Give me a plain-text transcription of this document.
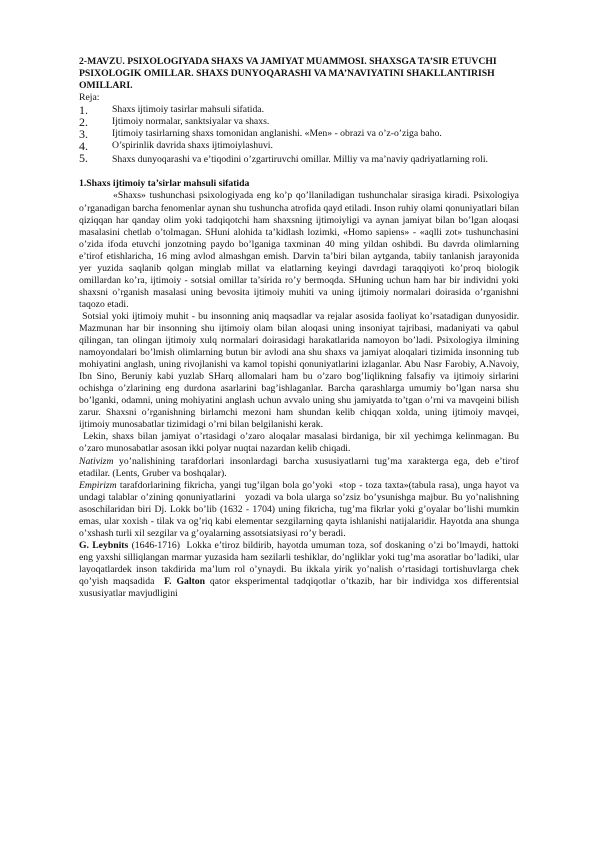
2-MAVZU. PSIXOLOGIYADA SHAXS VA JAMIYAT MUAMMOSI. SHAXSGA TA’SIR ETUVCHI PSIXOLOGIK OMILLAR. SHAXS DUNYOQARASHI VA MA’NAVIYATINI SHAKLLANTIRISH OMILLARI.

Reja:

1.	Shaxs ijtimoiy tasirlar mahsuli sifatida.
2.	Ijtimoiy normalar, sanktsiyalar va shaxs.
3.	Ijtimoiy tasirlarning shaxs tomonidan anglanishi. «Men» - obrazi va o’z-o’ziga baho.
4.	O’spirinlik davrida shaxs ijtimoiylashuvi.

5. Shaxs dunyoqarashi va e’tiqodini o’zgartiruvchi omillar. Milliy va ma’naviy qadriyatlarning roli.

1.Shaxs ijtimoiy ta’sirlar mahsuli sifatida

«Shaxs» tushunchasi psixologiyada eng ko’p qo’llaniladigan tushunchalar sirasiga kiradi. Psixologiya o’rganadigan barcha fenomenlar aynan shu tushuncha atrofida qayd etiladi. Inson ruhiy olami qonuniyatlari bilan qiziqqan har qanday olim yoki tadqiqotchi ham shaxsning ijtimoiyligi va aynan jamiyat bilan bo’lgan aloqasi masalasini chetlab o’tolmagan. SHuni alohida ta’kidlash lozimki, «Homo sapiens» - «aqlli zot» tushunchasini o’zida ifoda etuvchi jonzotning paydo bo’lganiga taxminan 40 ming yildan oshibdi. Bu davrda olimlarning e’tirof etishlaricha, 16 ming avlod almashgan emish. Darvin ta’biri bilan aytganda, tabiiy tanlanish jarayonida yer yuzida saqlanib qolgan minglab millat va elatlarning keyingi davrdagi taraqqiyoti ko’proq biologik omillardan ko’ra, ijtimoiy - sotsial omillar ta’sirida ro’y bermoqda. SHuning uchun ham har bir individni yoki shaxsni o’rganish masalasi uning bevosita ijtimoiy muhiti va uning ijtimoiy normalari doirasida o’rganishni taqozo etadi.

Sotsial yoki ijtimoiy muhit - bu insonning aniq maqsadlar va rejalar asosida faoliyat ko’rsatadigan dunyosidir. Mazmunan har bir insonning shu ijtimoiy olam bilan aloqasi uning insoniyat tajribasi, madaniyati va qabul qilingan, tan olingan ijtimoiy xulq normalari doirasidagi harakatlarida namoyon bo’ladi. Psixologiya ilmining namoyondalari bo’lmish olimlarning butun bir avlodi ana shu shaxs va jamiyat aloqalari tizimida insonning tub mohiyatini anglash, uning rivojlanishi va kamol topishi qonuniyatlarini izlaganlar. Abu Nasr Farobiy, A.Navoiy, Ibn Sino, Beruniy kabi yuzlab SHarq allomalari ham bu o’zaro bog’liqlikning falsafiy va ijtimoiy sirlarini ochishga o’zlarining eng durdona asarlarini bag’ishlaganlar. Barcha qarashlarga umumiy bo’lgan narsa shu bo’lganki, odamni, uning mohiyatini anglash uchun avvalo uning shu jamiyatda to’tgan o’rni va mavqeini bilish zarur. Shaxsni o’rganishning birlamchi mezoni ham shundan kelib chiqqan xolda, uning ijtimoiy mavqei, ijtimoiy munosabatlar tizimidagi o’rni bilan belgilanishi kerak.

Lekin, shaxs bilan jamiyat o’rtasidagi o’zaro aloqalar masalasi birdaniga, bir xil yechimga kelinmagan. Bu o’zaro munosabatlar asosan ikki polyar nuqtai nazardan kelib chiqadi.

Nativizm yo’nalishining tarafdorlari insonlardagi barcha xususiyatlarni tug’ma xarakterga ega, deb e’tirof etadilar. (Lents, Gruber va boshqalar).

Empirizm tarafdorlarining fikricha, yangi tug’ilgan bola go’yoki  «top - toza taxta»(tabula rasa), unga hayot va undagi talablar o’zining qonuniyatlarini   yozadi va bola ularga so’zsiz bo’ysunishga majbur. Bu yo’nalishning asoschilaridan biri Dj. Lokk bo’lib (1632 - 1704) uning fikricha, tug’ma fikrlar yoki g’oyalar bo’lishi mumkin emas, ular xoxish - tilak va og’riq kabi elementar sezgilarning qayta ishlanishi natijalaridir. Hayotda ana shunga o’xshash turli xil sezgilar va g’oyalarning assotsiatsiyasi ro’y beradi.

G. Leybnits (1646-1716)  Lokka e’tiroz bildirib, hayotda umuman toza, sof doskaning o’zi bo’lmaydi, hattoki eng yaxshi silliqlangan marmar yuzasida ham sezilarli teshiklar, do’ngliklar yoki tug’ma asoratlar bo’ladiki, ular layoqatlardek inson takdirida ma’lum rol o’ynaydi. Bu ikkala yirik yo’nalish o’rtasidagi tortishuvlarga chek qo’yish maqsadida  F. Galton qator eksperimental tadqiqotlar o’tkazib, har bir individga xos differentsial xususiyatlar mavjudligini
